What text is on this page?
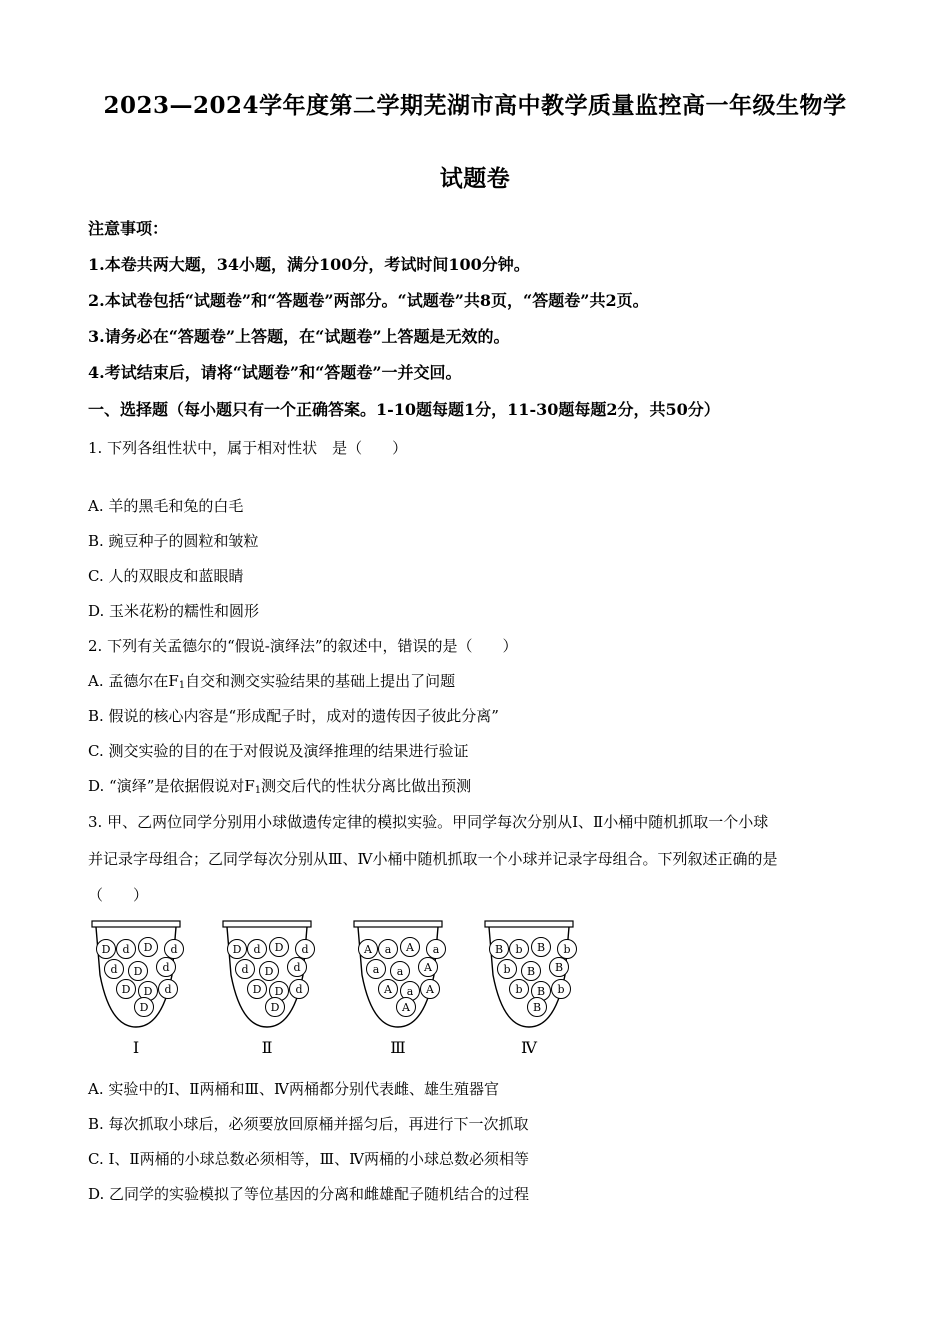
2023—2024学年度第二学期芜湖市高中教学质量监控高一年级生物学
试题卷
注意事项：
1.本卷共两大题，34小题，满分100分，考试时间100分钟。
2.本试卷包括“试题卷”和“答题卷”两部分。“试题卷”共8页，“答题卷”共2页。
3.请务必在“答题卷”上答题，在“试题卷”上答题是无效的。
4.考试结束后，请将“试题卷”和“答题卷”一并交回。
一、选择题（每小题只有一个正确答案。1-10题每题1分，11-30题每题2分，共50分）
1. 下列各组性状中，属于相对性状　是（　　）
A. 羊的黑毛和兔的白毛
B. 豌豆种子的圆粒和皱粒
C. 人的双眼皮和蓝眼睛
D. 玉米花粉的糯性和圆形
2. 下列有关孟德尔的“假说-演绎法”的叙述中，错误的是（　　）
A. 孟德尔在$F_1$自交和测交实验结果的基础上提出了问题
B. 假说的核心内容是“形成配子时，成对的遗传因子彼此分离”
C. 测交实验的目的在于对假说及演绎推理的结果进行验证
D. “演绎”是依据假说对$F_1$测交后代的性状分离比做出预测
3. 甲、乙两位同学分别用小球做遗传定律的模拟实验。甲同学每次分别从Ⅰ、Ⅱ小桶中随机抓取一个小球
并记录字母组合；乙同学每次分别从Ⅲ、Ⅳ小桶中随机抓取一个小球并记录字母组合。下列叙述正确的是
（　　）
D d D d
d D d
D D d
D
Ⅰ
D d D d
d D d
D D d
D
Ⅱ
A a A a
a a A
A a A
A
Ⅲ
B b B b
b B B
b B b
B
Ⅳ
A. 实验中的Ⅰ、Ⅱ两桶和Ⅲ、Ⅳ两桶都分别代表雌、雄生殖器官
B. 每次抓取小球后，必须要放回原桶并摇匀后，再进行下一次抓取
C. Ⅰ、Ⅱ两桶的小球总数必须相等，Ⅲ、Ⅳ两桶的小球总数必须相等
D. 乙同学的实验模拟了等位基因的分离和雌雄配子随机结合的过程
